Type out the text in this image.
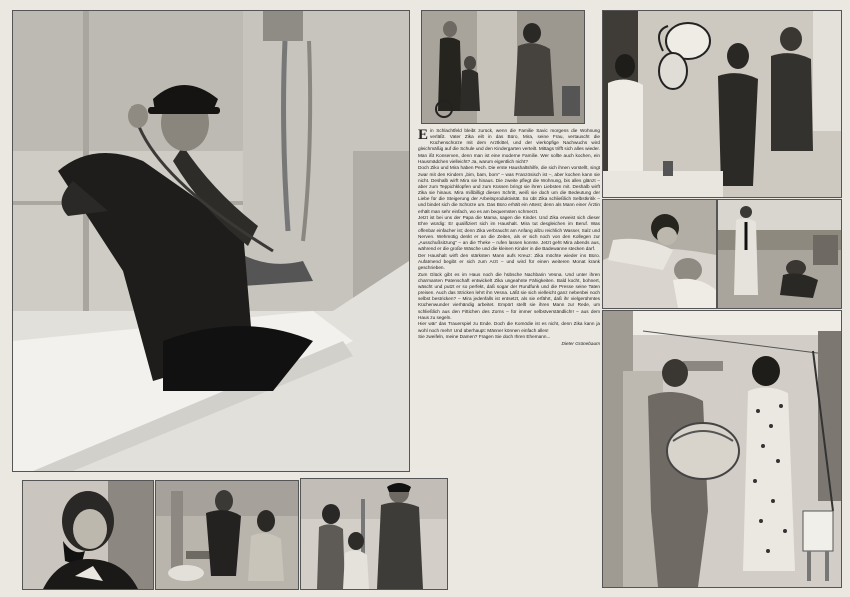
Ein Schlachtfeld bleibt zurück, wenn die Familie Savic morgens die Wohnung verläßt. Vater Zika eilt in das Büro, Mira, seine Frau, vertauscht die Küchenschürze mit dem Arztkittel, und der vierköpfige Nachwuchs wird gleichmäßig auf die Schule und den Kindergarten verteilt. Mittags trifft sich alles wieder. Man ißt Konserven, denn man ist eine moderne Familie. Wer sollte auch kochen, ein Hausmädchen vielleicht? Ja, warum eigentlich nicht?

Doch Ziko und Mira haben Pech. Die erste Haushaltshilfe, die sich ihnen vorstellt, singt zwar mit den Kindern „bim, bam, bom“ – was Französisch ist –, aber kochen kann sie nicht. Deshalb wirft Mira sie hinaus. Die zweite pflegt die Wohnung, bis alles glänzt – aber zum Teppichklopfen und zum Küssen bringt sie ihren Liebsten mit. Deshalb wirft Zika sie hinaus. Mira mißbilligt diesen Schritt, weiß sie doch um die Bedeutung der Liebe für die Steigerung der Arbeitsproduktivität. So übt Zika schließlich Selbstkritik – und bindet sich die Schürze um. Das Büro erhält ein Attest; denn als Mann einer Ärztin erhält man sehr einfach, wo es am bequemsten schmerzt.

Jetzt ist bei uns der Papa die Mama, sagen die Kinder. Und Zika erweist sich dieser Ehre würdig: Er qualifiziert sich im Haushalt. Mira tut desgleichen im Beruf. Was offenbar einfacher ist; denn Zika verbraucht am Anfang allzu reichlich Wasser, Salz und Nerven. Wehmütig denkt er an die Zeiten, als er sich noch von den Kollegen zur „Ausschußsitzung“ – an die Theke – rufen lassen konnte. Jetzt geht Mira abends aus, während er die große Wäsche und die kleinen Kinder in die Badewanne stecken darf.

Der Haushalt wirft den stärksten Mann aufs Kreuz: Zika möchte wieder ins Büro. Aufatmend begibt er sich zum Arzt – und wird für einen weiteren Monat krank geschrieben.

Zum Glück gibt es im Haus noch die hübsche Nachbarin Vesna. Und unter ihren charmanten Patenschaft entwickelt Zika ungeahnte Fähigkeiten. Bald kocht, bohnert, wäscht und putzt er so perfekt, daß sogar der Rundfunk und die Presse seine Taten preisen. Auch das Stricken lehrt ihn Vesna. Läßt sie sich vielleicht ganz nebenbei noch selbst bestricken? – Mira jedenfalls ist entsetzt, als sie erfährt, daß ihr vielgerühmtes Küchenwunder vierhändig arbeitet. Empört stellt sie ihren Mann zur Rede, um schließlich aus den Fittichen des Zorns – für immer selbstverständlich!! – aus dem Haus zu segeln.

Hier wär' das Trauerspiel zu Ende. Doch die Komödie ist es nicht, denn Zika kann ja wohl noch mehr! Und überhaupt: Männer können einfach alles!

Sie zweifeln, meine Damen? Fragen Sie doch Ihren Ehemann...

Dieter Grünebaum
